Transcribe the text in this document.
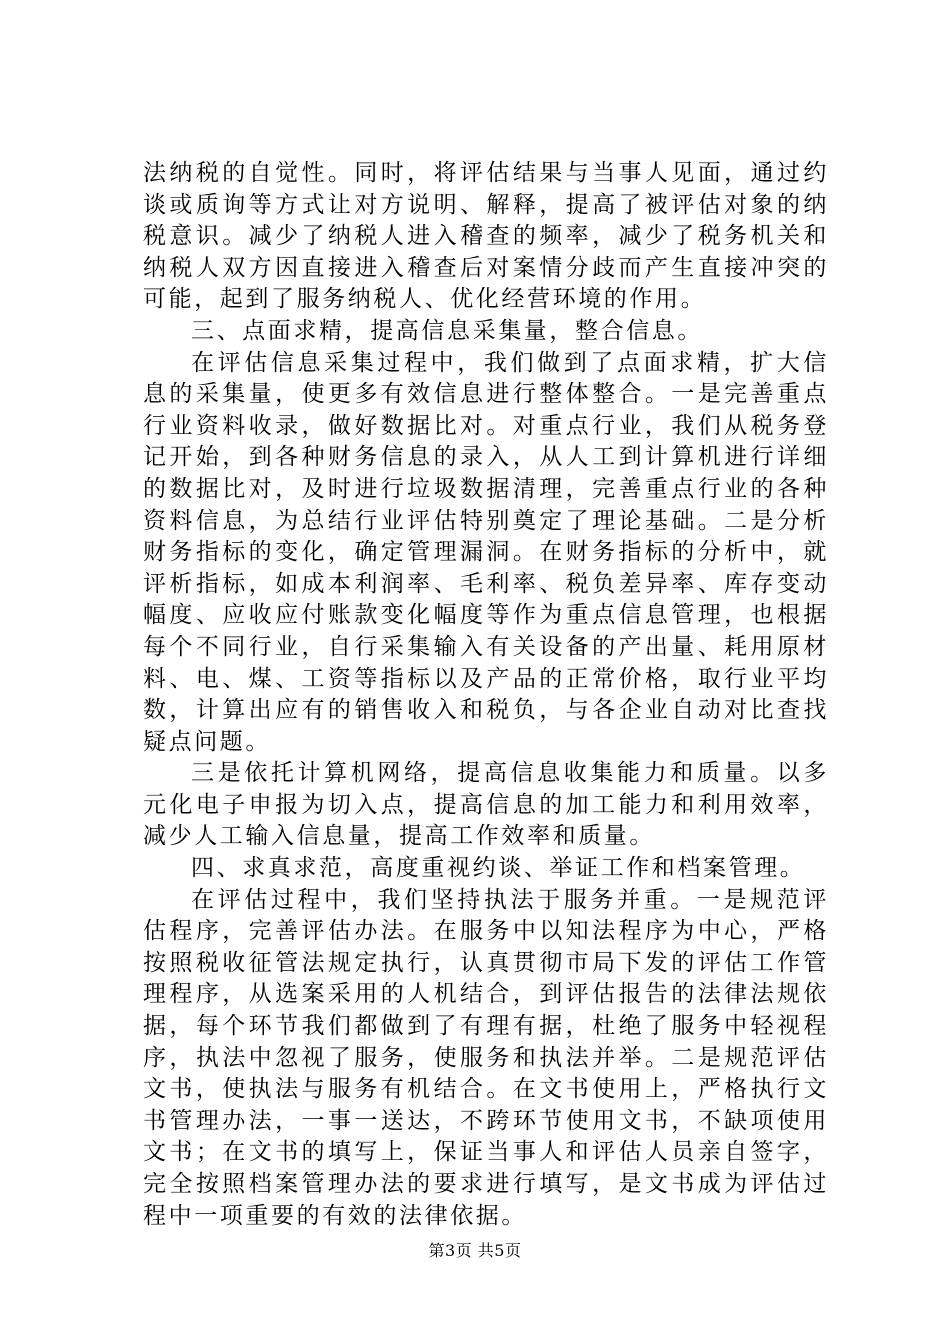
法纳税的自觉性。同时，将评估结果与当事人见面，通过约谈或质询等方式让对方说明、解释，提高了被评估对象的纳税意识。减少了纳税人进入稽查的频率，减少了税务机关和纳税人双方因直接进入稽查后对案情分歧而产生直接冲突的可能，起到了服务纳税人、优化经营环境的作用。

三、点面求精，提高信息采集量，整合信息。

在评估信息采集过程中，我们做到了点面求精，扩大信息的采集量，使更多有效信息进行整体整合。一是完善重点行业资料收录，做好数据比对。对重点行业，我们从税务登记开始，到各种财务信息的录入，从人工到计算机进行详细的数据比对，及时进行垃圾数据清理，完善重点行业的各种资料信息，为总结行业评估特别奠定了理论基础。二是分析财务指标的变化，确定管理漏洞。在财务指标的分析中，就评析指标，如成本利润率、毛利率、税负差异率、库存变动幅度、应收应付账款变化幅度等作为重点信息管理，也根据每个不同行业，自行采集输入有关设备的产出量、耗用原材料、电、煤、工资等指标以及产品的正常价格，取行业平均数，计算出应有的销售收入和税负，与各企业自动对比查找疑点问题。

三是依托计算机网络，提高信息收集能力和质量。以多元化电子申报为切入点，提高信息的加工能力和利用效率，减少人工输入信息量，提高工作效率和质量。

四、求真求范，高度重视约谈、举证工作和档案管理。

在评估过程中，我们坚持执法于服务并重。一是规范评估程序，完善评估办法。在服务中以知法程序为中心，严格按照税收征管法规定执行，认真贯彻市局下发的评估工作管理程序，从选案采用的人机结合，到评估报告的法律法规依据，每个环节我们都做到了有理有据，杜绝了服务中轻视程序，执法中忽视了服务，使服务和执法并举。二是规范评估文书，使执法与服务有机结合。在文书使用上，严格执行文书管理办法，一事一送达，不跨环节使用文书，不缺项使用文书；在文书的填写上，保证当事人和评估人员亲自签字，完全按照档案管理办法的要求进行填写，是文书成为评估过程中一项重要的有效的法律依据。

第3页 共5页
